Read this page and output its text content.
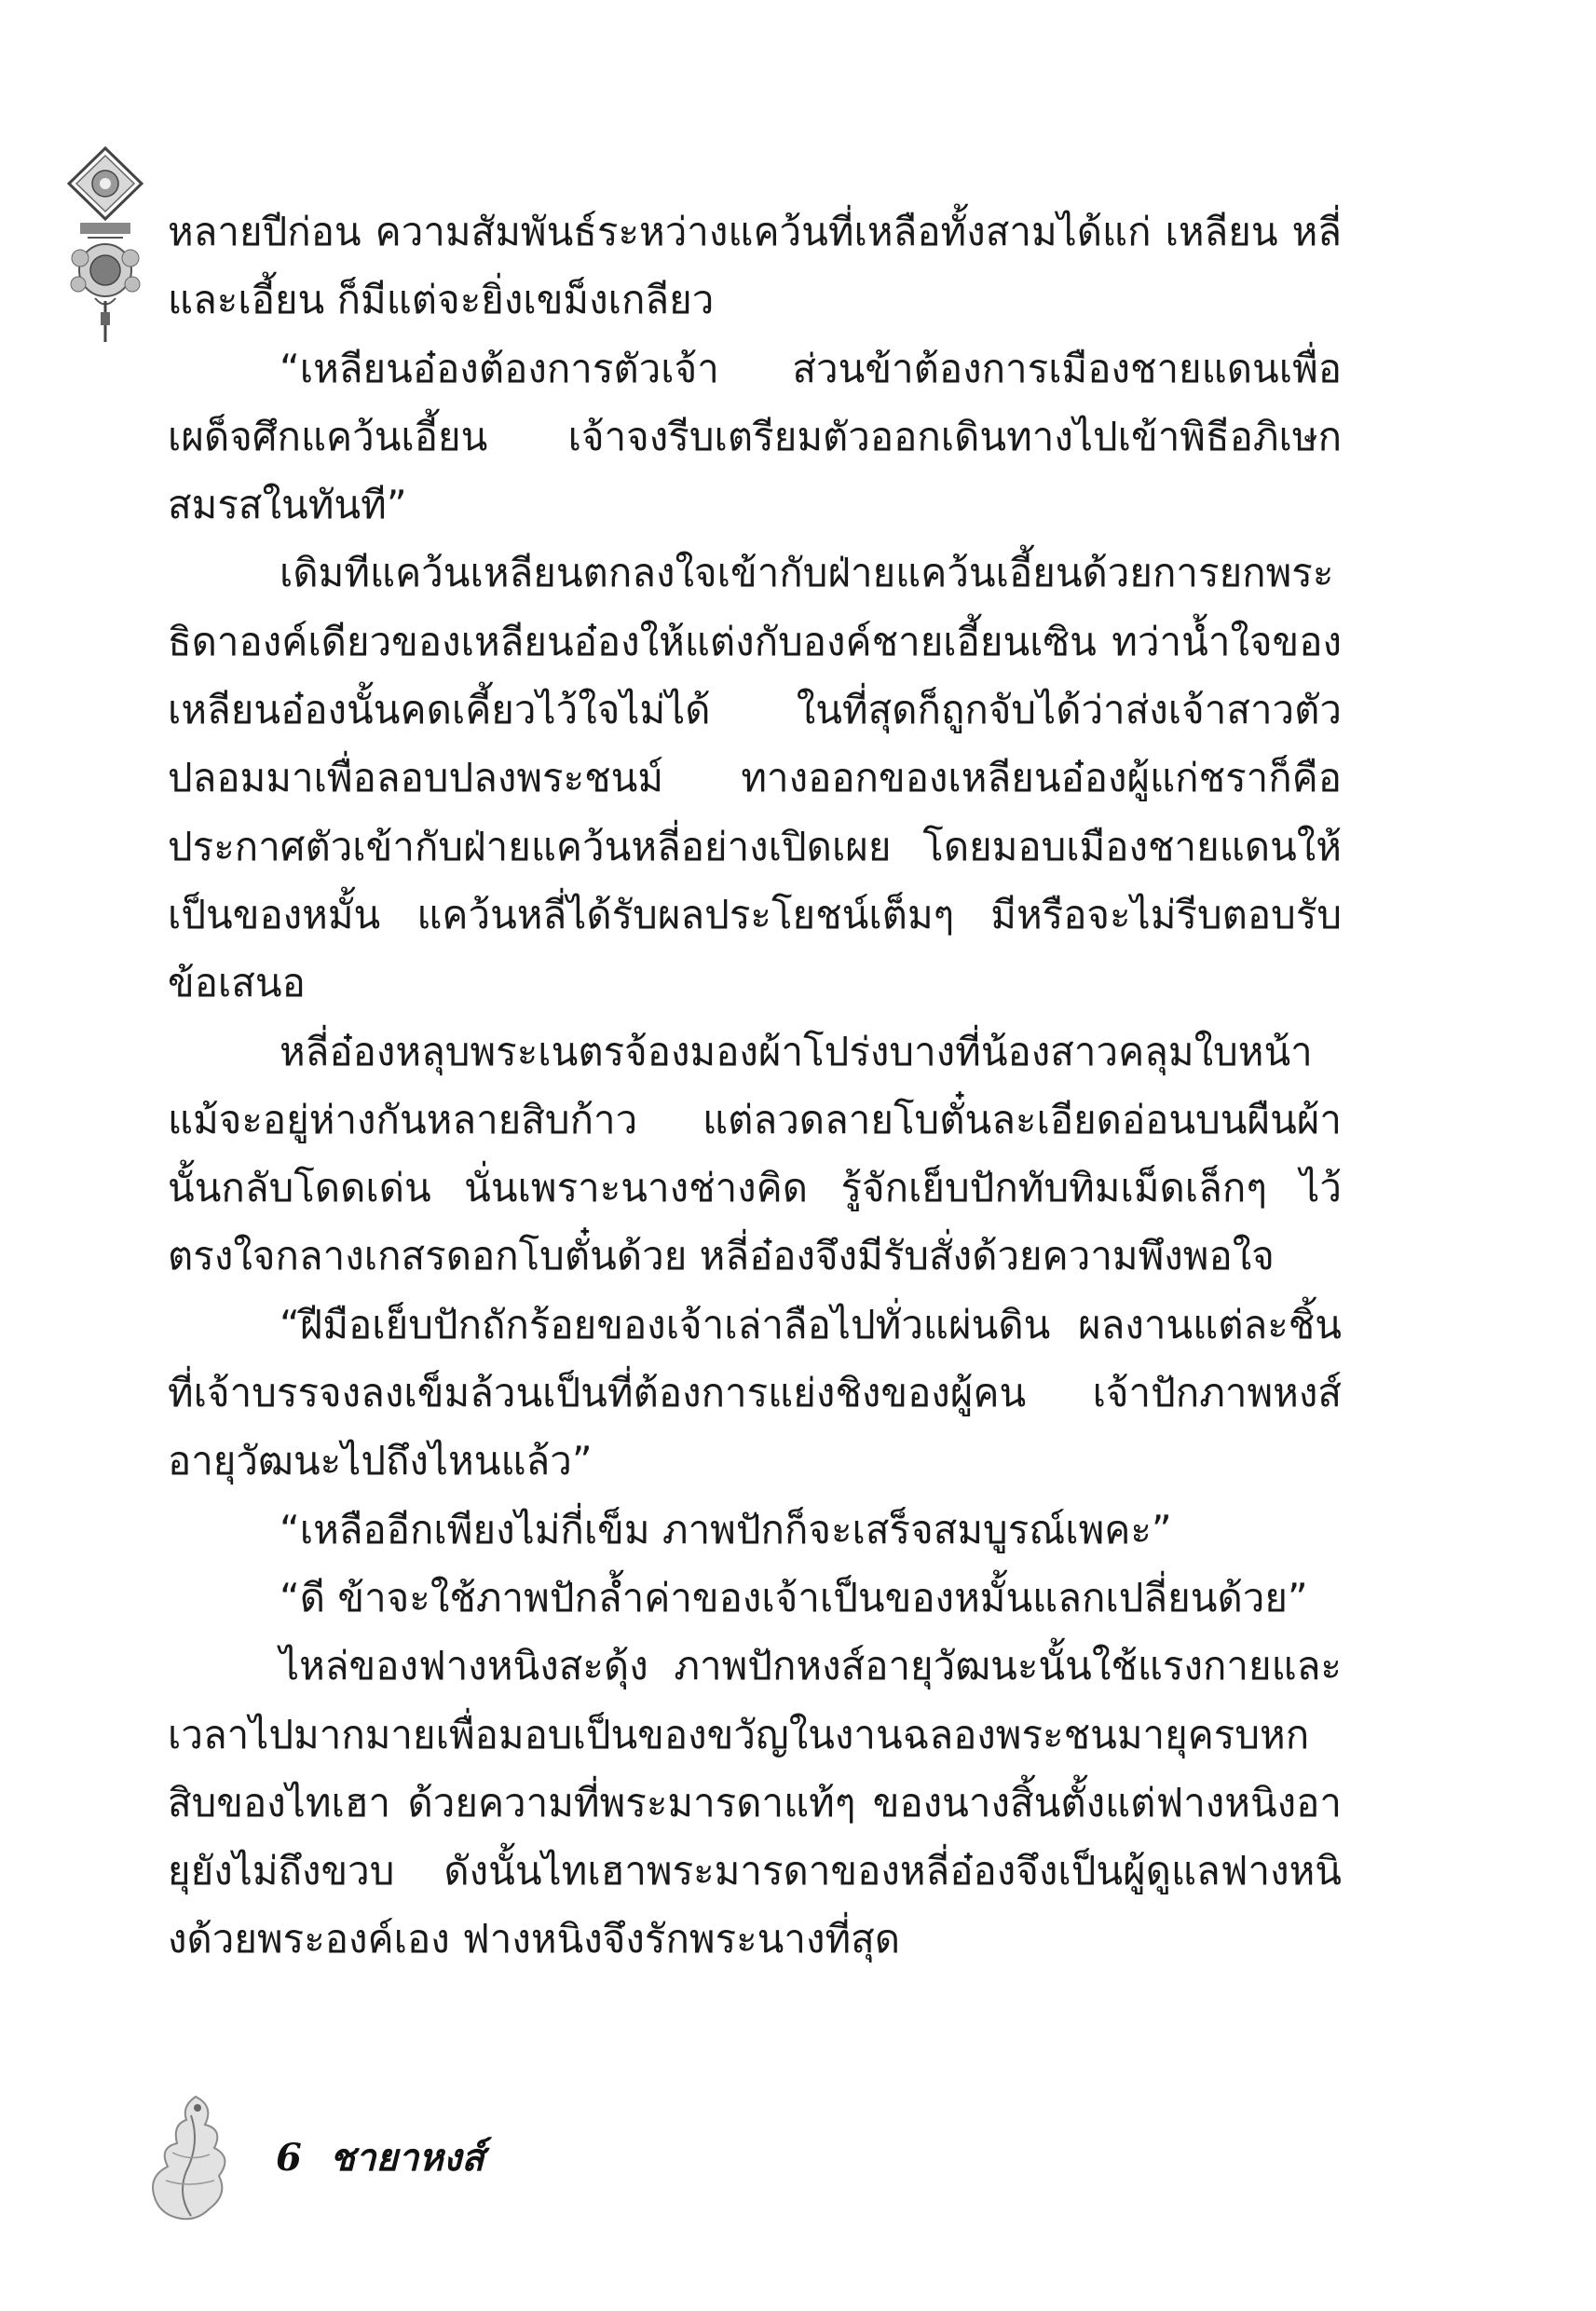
หลายปีก่อน ความสัมพันธ์ระหว่างแคว้นที่เหลือทั้งสามได้แก่ เหลียน หลี่ และเอี้ยน ก็มีแต่จะยิ่งเขม็งเกลียว

“เหลียนอ๋องต้องการตัวเจ้า ส่วนข้าต้องการเมืองชายแดนเพื่อเผด็จศึกแคว้นเอี้ยน เจ้าจงรีบเตรียมตัวออกเดินทางไปเข้าพิธีอภิเษกสมรสในทันที”

เดิมทีแคว้นเหลียนตกลงใจเข้ากับฝ่ายแคว้นเอี้ยนด้วยการยกพระธิดาองค์เดียวของเหลียนอ๋องให้แต่งกับองค์ชายเอี้ยนเซิน ทว่าน้ำใจของเหลียนอ๋องนั้นคดเคี้ยวไว้ใจไม่ได้ ในที่สุดก็ถูกจับได้ว่าส่งเจ้าสาวตัวปลอมมาเพื่อลอบปลงพระชนม์ ทางออกของเหลียนอ๋องผู้แก่ชราก็คือประกาศตัวเข้ากับฝ่ายแคว้นหลี่อย่างเปิดเผย โดยมอบเมืองชายแดนให้เป็นของหมั้น แคว้นหลี่ได้รับผลประโยชน์เต็มๆ มีหรือจะไม่รีบตอบรับข้อเสนอ

หลี่อ๋องหลุบพระเนตรจ้องมองผ้าโปร่งบางที่น้องสาวคลุมใบหน้าแม้จะอยู่ห่างกันหลายสิบก้าว แต่ลวดลายโบตั๋นละเอียดอ่อนบนผืนผ้านั้นกลับโดดเด่น นั่นเพราะนางช่างคิด รู้จักเย็บปักทับทิมเม็ดเล็กๆ ไว้ตรงใจกลางเกสรดอกโบตั๋นด้วย หลี่อ๋องจึงมีรับสั่งด้วยความพึงพอใจ

“ฝีมือเย็บปักถักร้อยของเจ้าเล่าลือไปทั่วแผ่นดิน ผลงานแต่ละชิ้นที่เจ้าบรรจงลงเข็มล้วนเป็นที่ต้องการแย่งชิงของผู้คน เจ้าปักภาพหงส์อายุวัฒนะไปถึงไหนแล้ว”

“เหลืออีกเพียงไม่กี่เข็ม ภาพปักก็จะเสร็จสมบูรณ์เพคะ”

“ดี ข้าจะใช้ภาพปักล้ำค่าของเจ้าเป็นของหมั้นแลกเปลี่ยนด้วย”

ไหล่ของฟางหนิงสะดุ้ง ภาพปักหงส์อายุวัฒนะนั้นใช้แรงกายและเวลาไปมากมายเพื่อมอบเป็นของขวัญในงานฉลองพระชนมายุครบหกสิบของไทเฮา ด้วยความที่พระมารดาแท้ๆ ของนางสิ้นตั้งแต่ฟางหนิงอายุยังไม่ถึงขวบ ดังนั้นไทเฮาพระมารดาของหลี่อ๋องจึงเป็นผู้ดูแลฟางหนิงด้วยพระองค์เอง ฟางหนิงจึงรักพระนางที่สุด

6 ชายาหงส์
